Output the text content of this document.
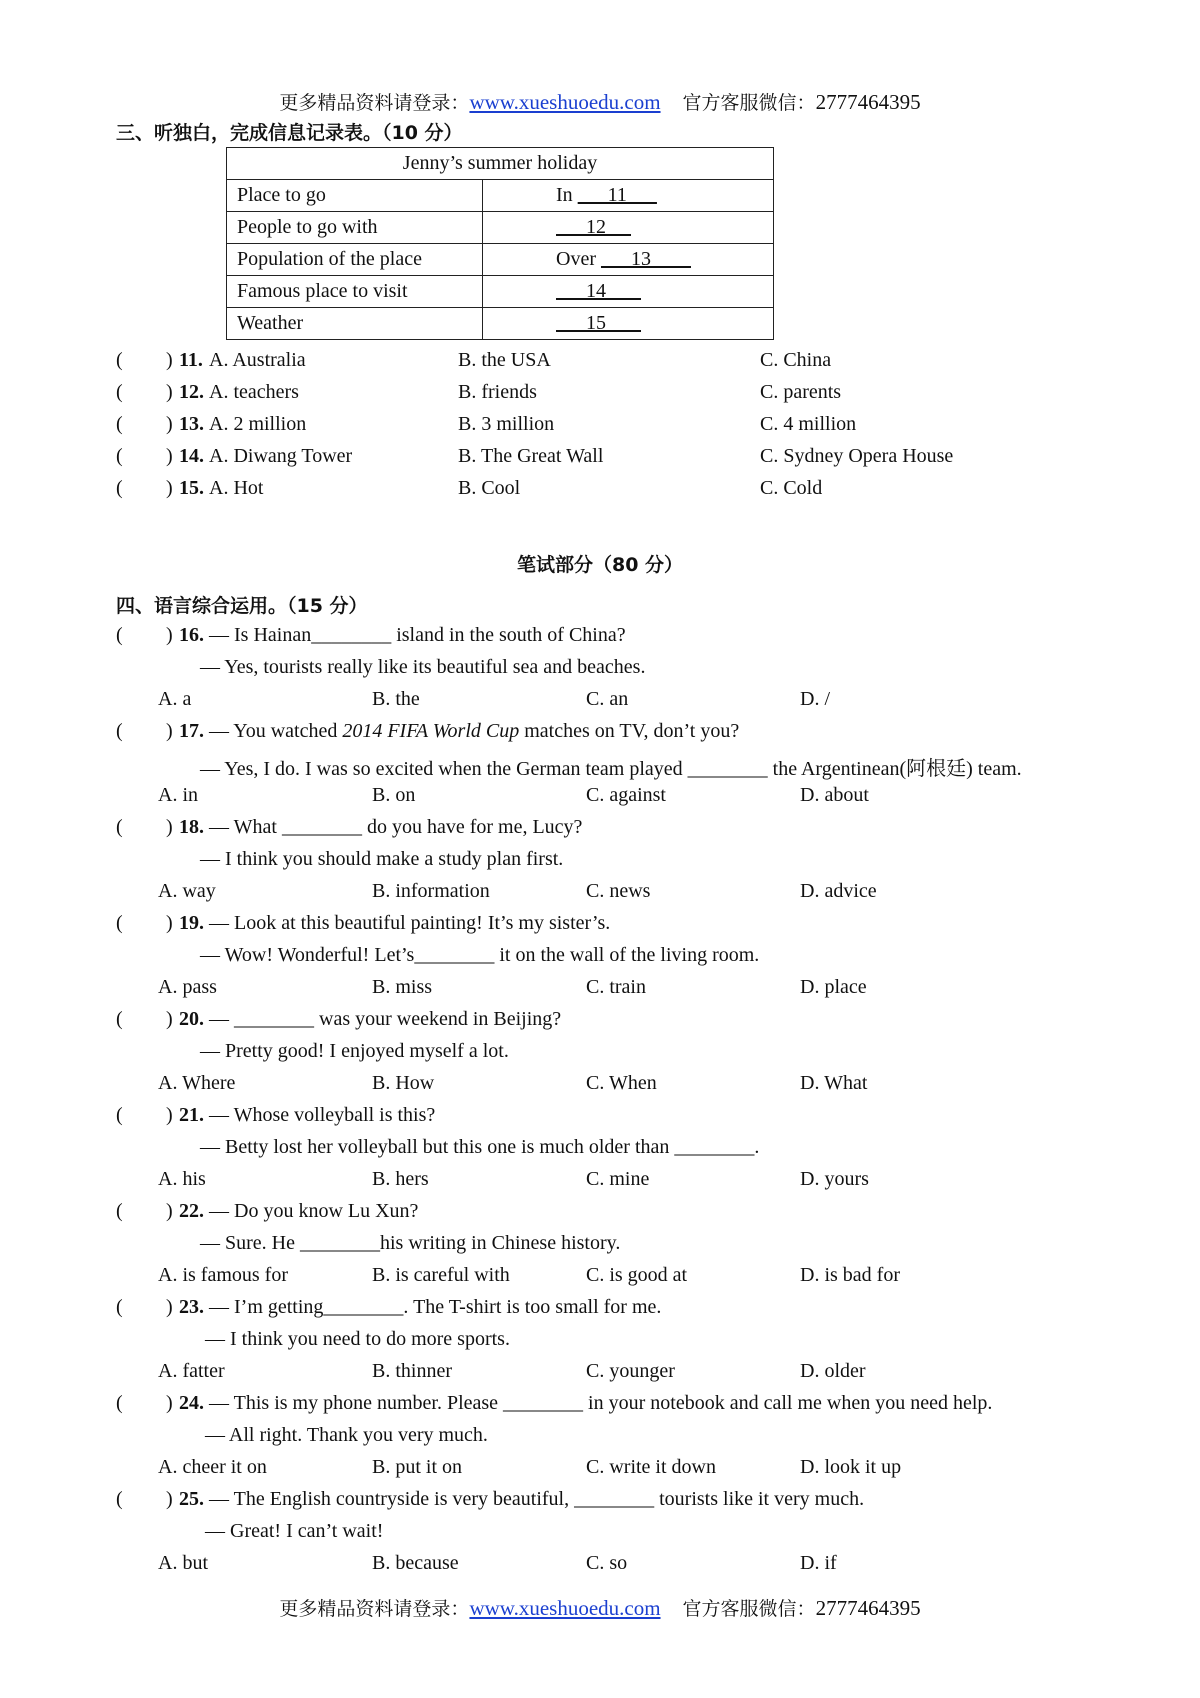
更多精品资料请登录：www.xueshuoedu.com 官方客服微信：2777464395
三、听独白，完成信息记录表。（10 分）
Jenny’s summer holiday	
Place to go	In       11
People to go with	12
Population of the place	Over       13
Famous place to visit	14
Weather	15
( ) 11. A. Australia	B. the USA	C. China
( ) 12. A. teachers	B. friends	C. parents
( ) 13. A. 2 million	B. 3 million	C. 4 million
( ) 14. A. Diwang Tower	B. The Great Wall	C. Sydney Opera House
( ) 15. A. Hot	B. Cool	C. Cold
笔试部分（80 分）
四、语言综合运用。（15 分）
( ) 16. — Is Hainan________ island in the south of China?
— Yes, tourists really like its beautiful sea and beaches.
A. a	B. the	C. an	D. /
( ) 17. — You watched 2014 FIFA World Cup matches on TV, don’t you?
— Yes, I do. I was so excited when the German team played ________ the Argentinean(阿根廷) team.
A. in	B. on	C. against	D. about
( ) 18. — What ________ do you have for me, Lucy?
— I think you should make a study plan first.
A. way	B. information	C. news	D. advice
( ) 19. — Look at this beautiful painting! It’s my sister’s.
— Wow! Wonderful! Let’s________ it on the wall of the living room.
A. pass	B. miss	C. train	D. place
( ) 20. — ________ was your weekend in Beijing?
— Pretty good! I enjoyed myself a lot.
A. Where	B. How	C. When	D. What
( ) 21. — Whose volleyball is this?
— Betty lost her volleyball but this one is much older than ________.
A. his	B. hers	C. mine	D. yours
( ) 22. — Do you know Lu Xun?
— Sure. He ________his writing in Chinese history.
A. is famous for	B. is careful with	C. is good at	D. is bad for
( ) 23. — I’m getting________. The T-shirt is too small for me.
— I think you need to do more sports.
A. fatter	B. thinner	C. younger	D. older
( ) 24. — This is my phone number. Please ________ in your notebook and call me when you need help.
— All right. Thank you very much.
A. cheer it on	B. put it on	C. write it down	D. look it up
( ) 25. — The English countryside is very beautiful, ________ tourists like it very much.
— Great! I can’t wait!
A. but	B. because	C. so	D. if
更多精品资料请登录：www.xueshuoedu.com 官方客服微信：2777464395
